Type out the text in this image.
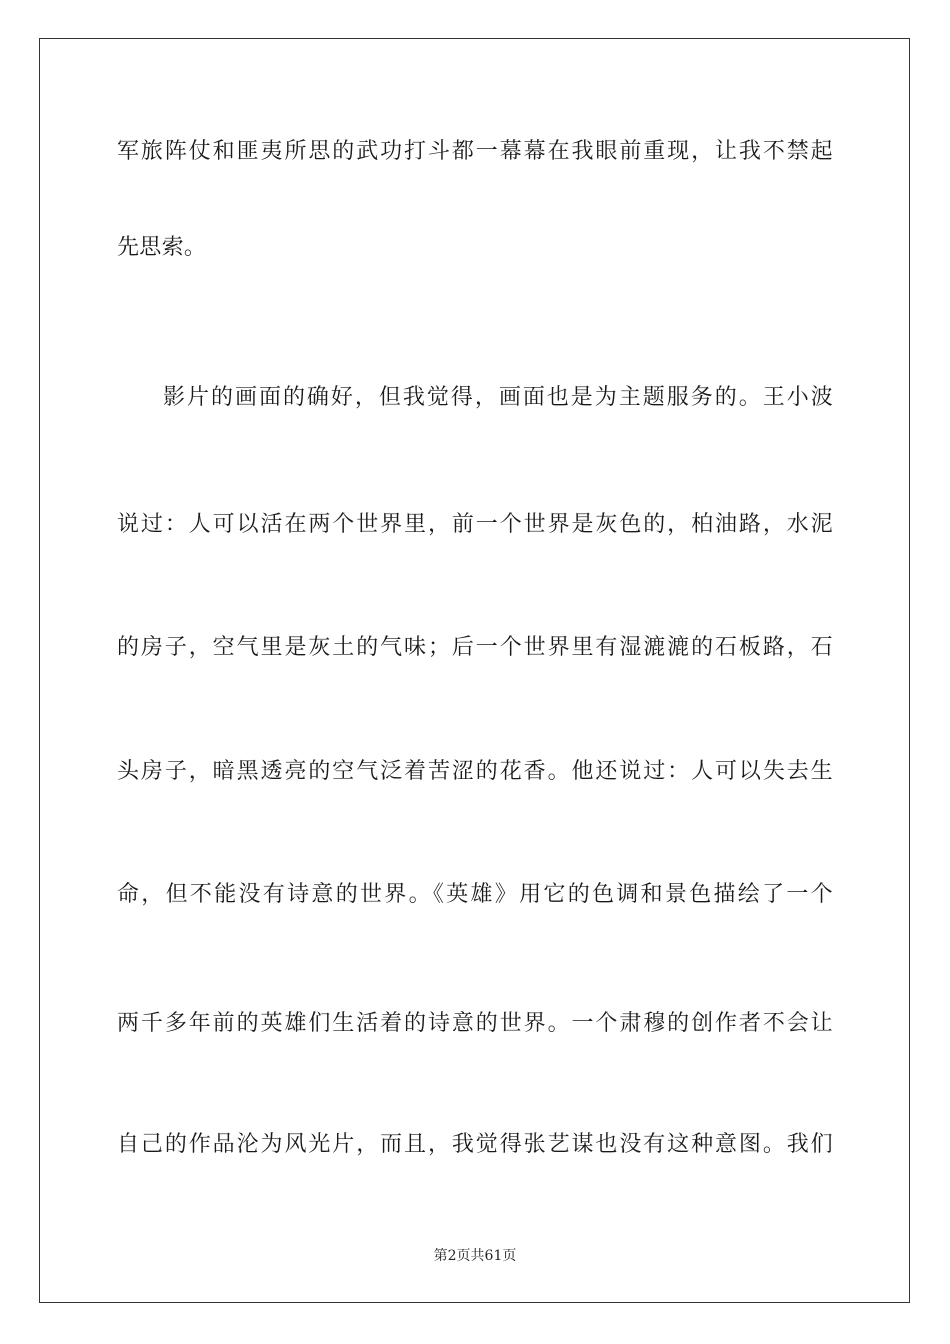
军旅阵仗和匪夷所思的武功打斗都一幕幕在我眼前重现，让我不禁起
先思索。
影片的画面的确好，但我觉得，画面也是为主题服务的。王小波
说过：人可以活在两个世界里，前一个世界是灰色的，柏油路，水泥
的房子，空气里是灰土的气味；后一个世界里有湿漉漉的石板路，石
头房子，暗黑透亮的空气泛着苦涩的花香。他还说过：人可以失去生
命，但不能没有诗意的世界。《英雄》用它的色调和景色描绘了一个
两千多年前的英雄们生活着的诗意的世界。一个肃穆的创作者不会让
自己的作品沦为风光片，而且，我觉得张艺谋也没有这种意图。我们
第2页共61页
